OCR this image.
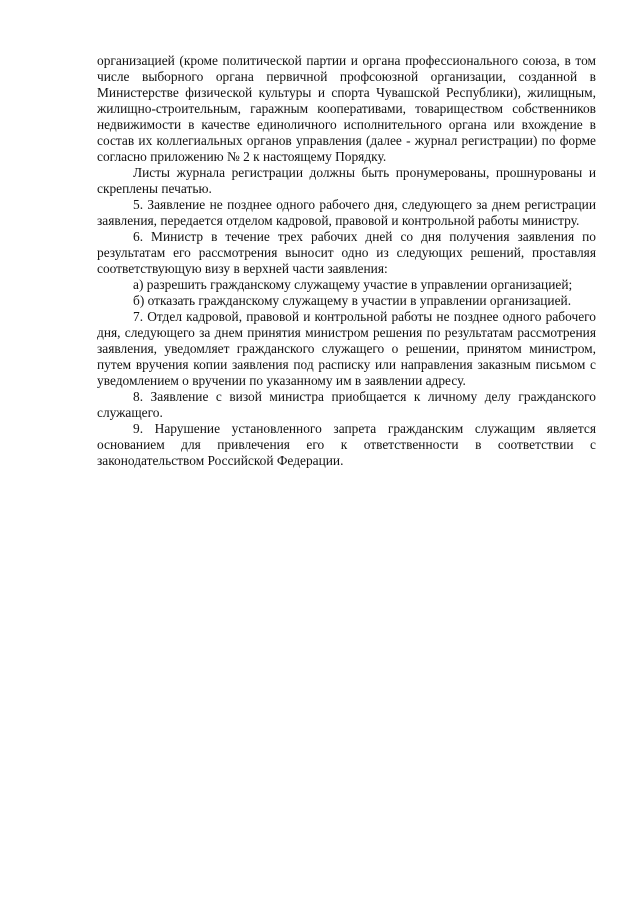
организацией (кроме политической партии и органа профессионального союза, в том числе выборного органа первичной профсоюзной организации, созданной в Министерстве физической культуры и спорта Чувашской Республики), жилищным, жилищно-строительным, гаражным кооперативами, товариществом собственников недвижимости в качестве единоличного исполнительного органа или вхождение в состав их коллегиальных органов управления (далее - журнал регистрации) по форме согласно приложению № 2 к настоящему Порядку.

Листы журнала регистрации должны быть пронумерованы, прошнурованы и скреплены печатью.

5. Заявление не позднее одного рабочего дня, следующего за днем регистрации заявления, передается отделом кадровой, правовой и контрольной работы министру.

6. Министр в течение трех рабочих дней со дня получения заявления по результатам его рассмотрения выносит одно из следующих решений, проставляя соответствующую визу в верхней части заявления:

а) разрешить гражданскому служащему участие в управлении организацией;

б) отказать гражданскому служащему в участии в управлении организацией.

7. Отдел кадровой, правовой и контрольной работы не позднее одного рабочего дня, следующего за днем принятия министром решения по результатам рассмотрения заявления, уведомляет гражданского служащего о решении, принятом министром, путем вручения копии заявления под расписку или направления заказным письмом с уведомлением о вручении по указанному им в заявлении адресу.

8. Заявление с визой министра приобщается к личному делу гражданского служащего.

9. Нарушение установленного запрета гражданским служащим является основанием для привлечения его к ответственности в соответствии с законодательством Российской Федерации.
